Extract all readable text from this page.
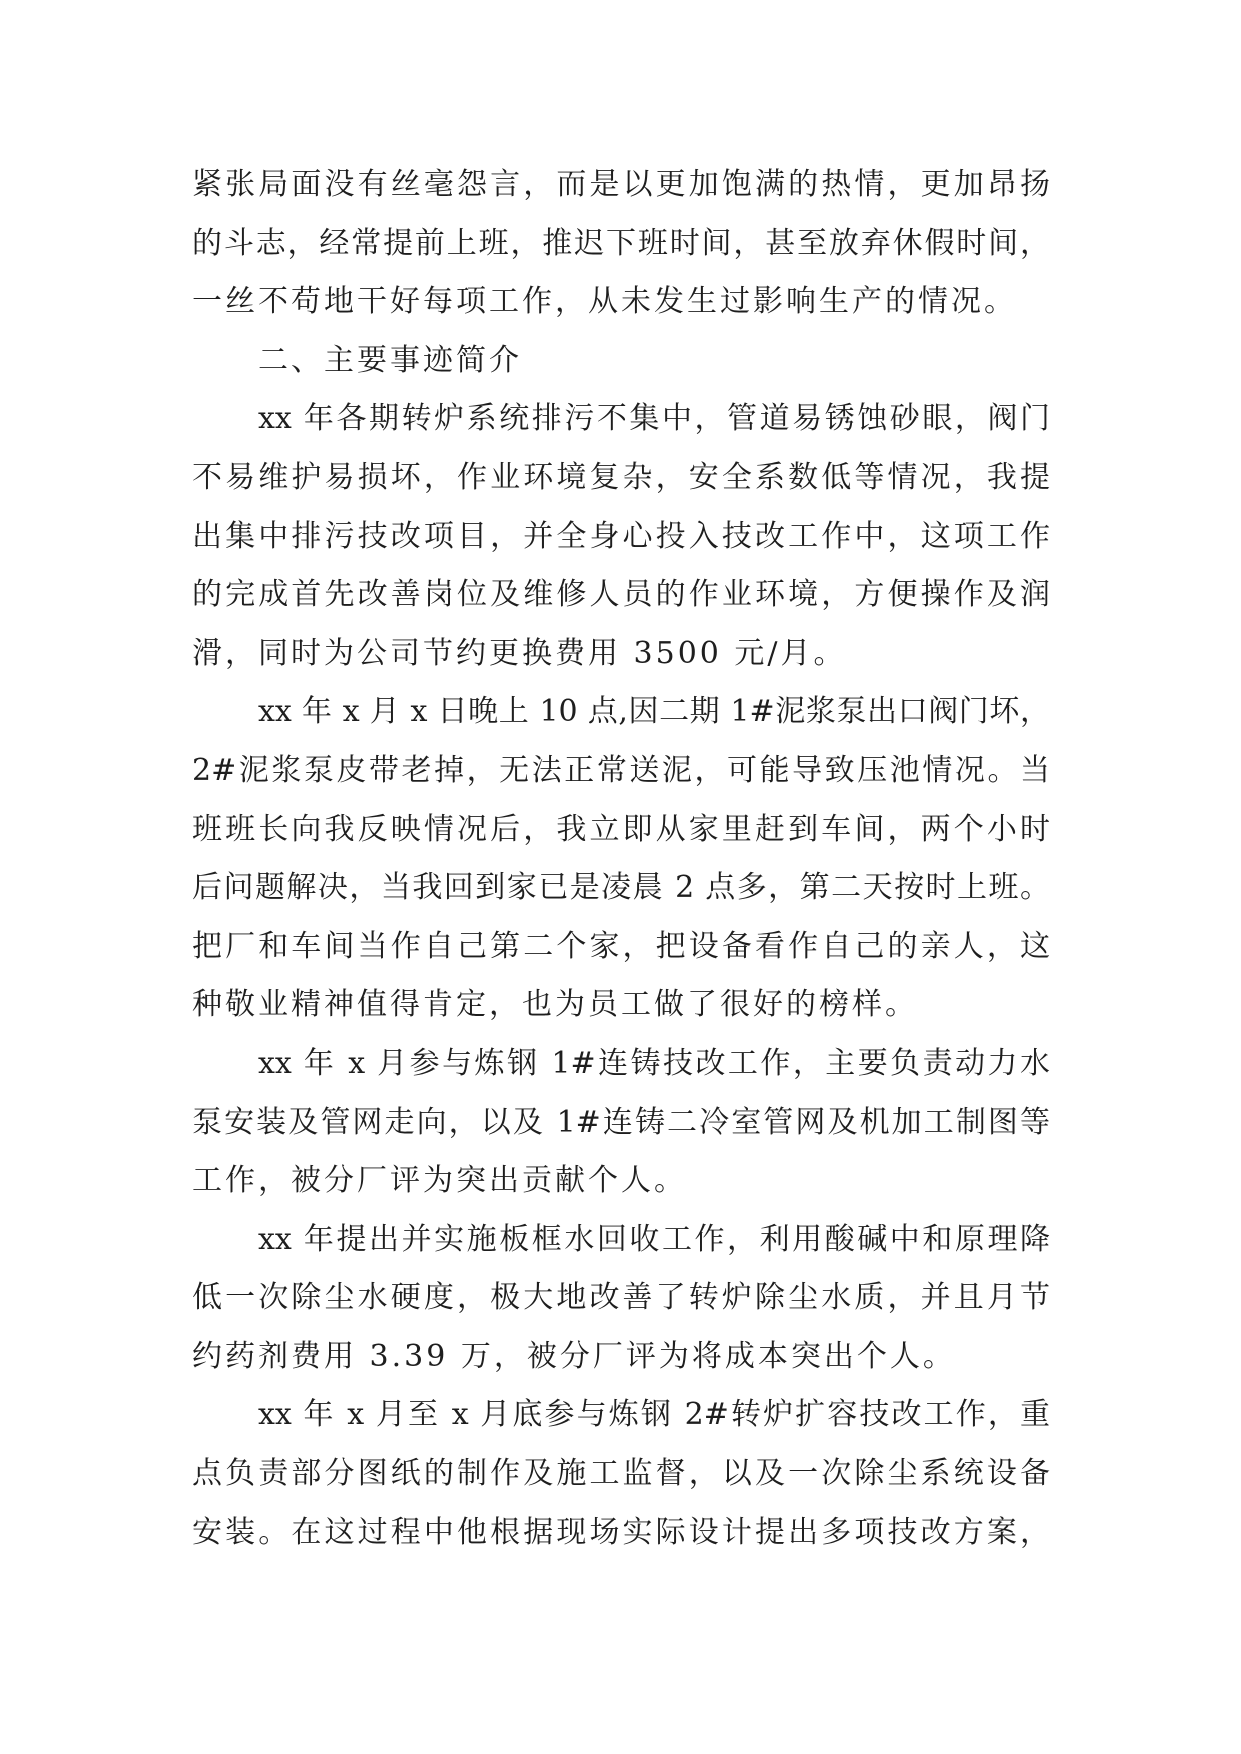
紧张局面没有丝毫怨言，而是以更加饱满的热情，更加昂扬
的斗志，经常提前上班，推迟下班时间，甚至放弃休假时间，
一丝不苟地干好每项工作，从未发生过影响生产的情况。
二、主要事迹简介
xx 年各期转炉系统排污不集中，管道易锈蚀砂眼，阀门
不易维护易损坏，作业环境复杂，安全系数低等情况，我提
出集中排污技改项目，并全身心投入技改工作中，这项工作
的完成首先改善岗位及维修人员的作业环境，方便操作及润
滑，同时为公司节约更换费用 3500 元/月。
xx 年 x 月 x 日晚上 10 点,因二期 1#泥浆泵出口阀门坏，
2#泥浆泵皮带老掉，无法正常送泥，可能导致压池情况。当
班班长向我反映情况后，我立即从家里赶到车间，两个小时
后问题解决，当我回到家已是凌晨 2 点多，第二天按时上班。
把厂和车间当作自己第二个家，把设备看作自己的亲人，这
种敬业精神值得肯定，也为员工做了很好的榜样。
xx 年 x 月参与炼钢 1#连铸技改工作，主要负责动力水
泵安装及管网走向，以及 1#连铸二冷室管网及机加工制图等
工作，被分厂评为突出贡献个人。
xx 年提出并实施板框水回收工作，利用酸碱中和原理降
低一次除尘水硬度，极大地改善了转炉除尘水质，并且月节
约药剂费用 3.39 万，被分厂评为将成本突出个人。
xx 年 x 月至 x 月底参与炼钢 2#转炉扩容技改工作，重
点负责部分图纸的制作及施工监督，以及一次除尘系统设备
安装。在这过程中他根据现场实际设计提出多项技改方案，
